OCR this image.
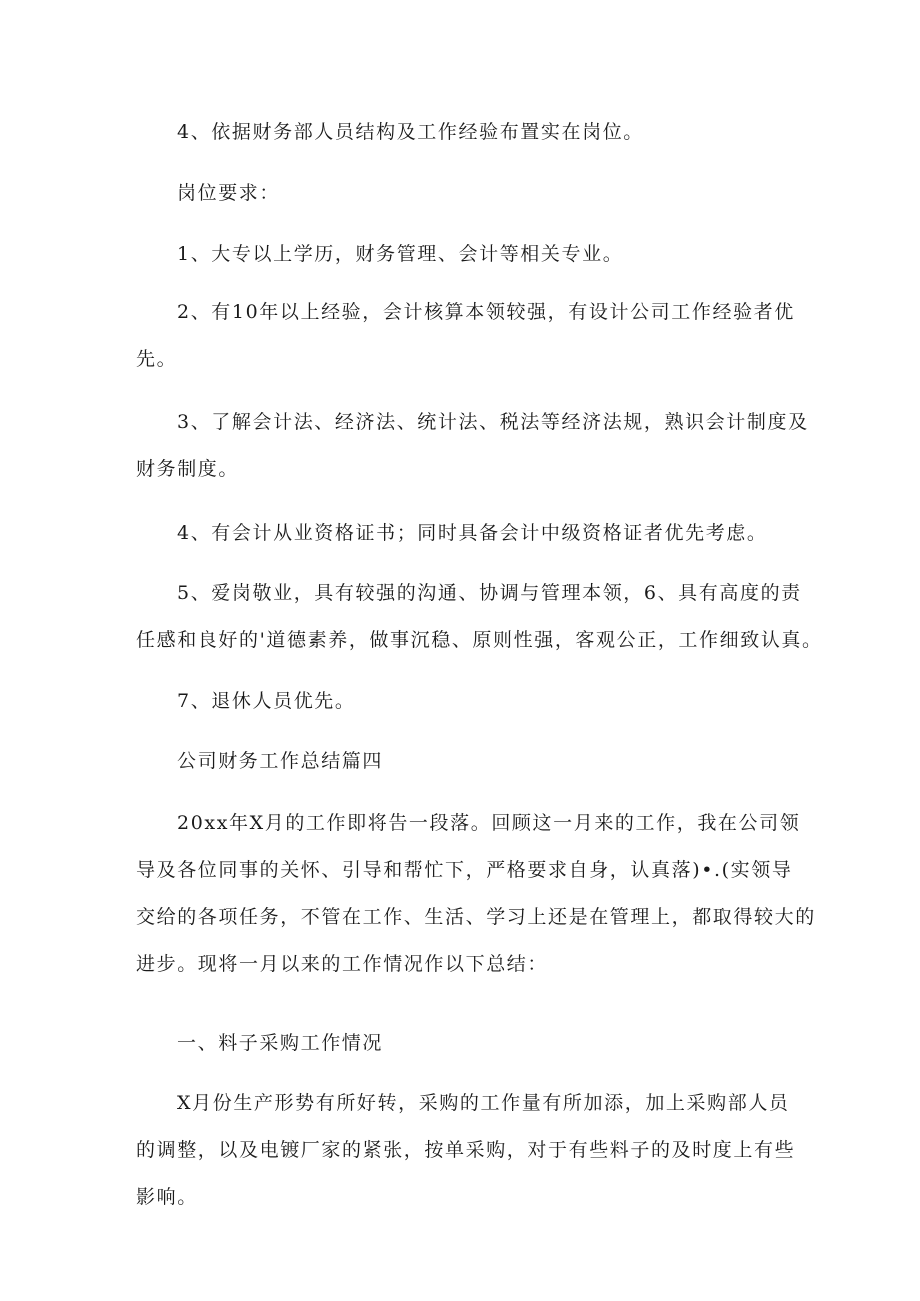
4、依据财务部人员结构及工作经验布置实在岗位。

岗位要求：

1、大专以上学历，财务管理、会计等相关专业。

2、有10年以上经验，会计核算本领较强，有设计公司工作经验者优
先。

3、了解会计法、经济法、统计法、税法等经济法规，熟识会计制度及
财务制度。

4、有会计从业资格证书；同时具备会计中级资格证者优先考虑。

5、爱岗敬业，具有较强的沟通、协调与管理本领，6、具有高度的责
任感和良好的'道德素养，做事沉稳、原则性强，客观公正，工作细致认真。

7、退休人员优先。

公司财务工作总结篇四

20xx年X月的工作即将告一段落。回顾这一月来的工作，我在公司领
导及各位同事的关怀、引导和帮忙下，严格要求自身，认真落)•.(实领导
交给的各项任务，不管在工作、生活、学习上还是在管理上，都取得较大的
进步。现将一月以来的工作情况作以下总结：

一、料子采购工作情况

X月份生产形势有所好转，采购的工作量有所加添，加上采购部人员
的调整，以及电镀厂家的紧张，按单采购，对于有些料子的及时度上有些
影响。
